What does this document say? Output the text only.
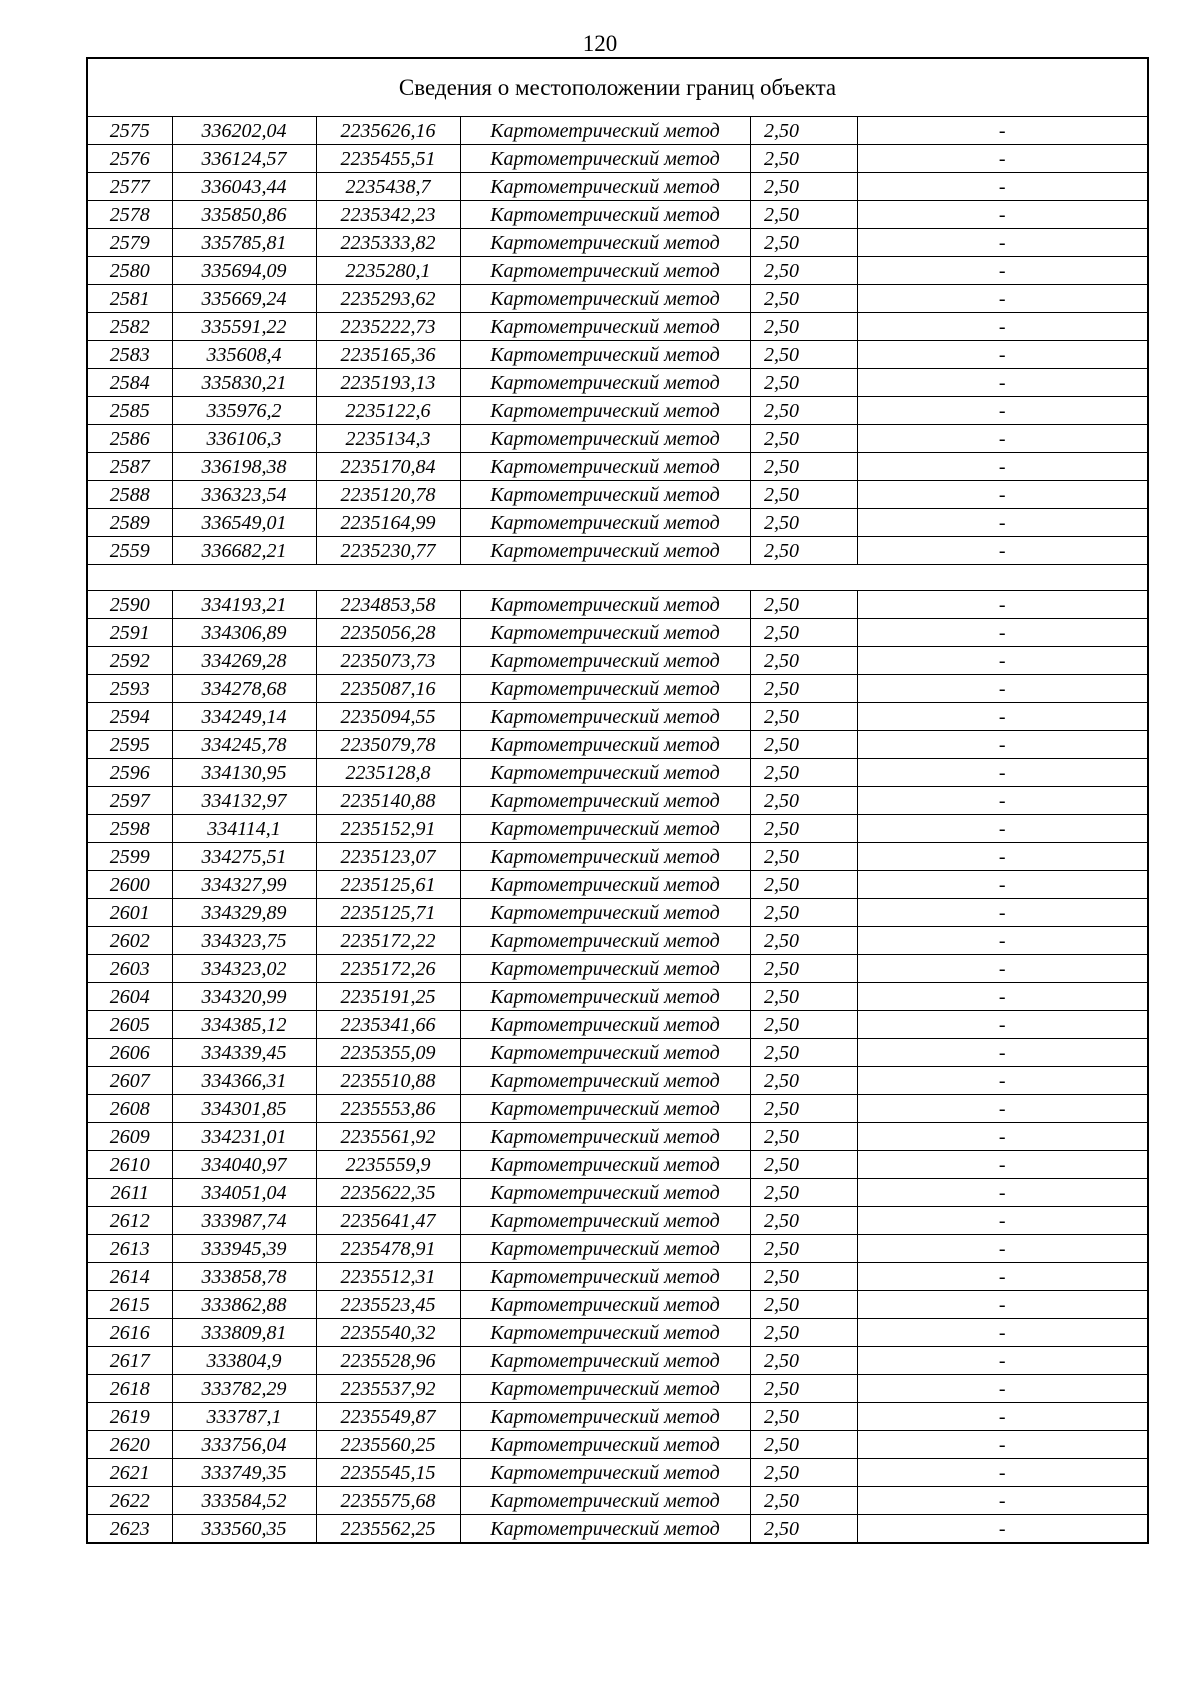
120
Сведения о местоположении границ объекта					
2575	336202,04	2235626,16	Картометрический метод	2,50	-
2576	336124,57	2235455,51	Картометрический метод	2,50	-
2577	336043,44	2235438,7	Картометрический метод	2,50	-
2578	335850,86	2235342,23	Картометрический метод	2,50	-
2579	335785,81	2235333,82	Картометрический метод	2,50	-
2580	335694,09	2235280,1	Картометрический метод	2,50	-
2581	335669,24	2235293,62	Картометрический метод	2,50	-
2582	335591,22	2235222,73	Картометрический метод	2,50	-
2583	335608,4	2235165,36	Картометрический метод	2,50	-
2584	335830,21	2235193,13	Картометрический метод	2,50	-
2585	335976,2	2235122,6	Картометрический метод	2,50	-
2586	336106,3	2235134,3	Картометрический метод	2,50	-
2587	336198,38	2235170,84	Картометрический метод	2,50	-
2588	336323,54	2235120,78	Картометрический метод	2,50	-
2589	336549,01	2235164,99	Картометрический метод	2,50	-
2559	336682,21	2235230,77	Картометрический метод	2,50	-

2590	334193,21	2234853,58	Картометрический метод	2,50	-
2591	334306,89	2235056,28	Картометрический метод	2,50	-
2592	334269,28	2235073,73	Картометрический метод	2,50	-
2593	334278,68	2235087,16	Картометрический метод	2,50	-
2594	334249,14	2235094,55	Картометрический метод	2,50	-
2595	334245,78	2235079,78	Картометрический метод	2,50	-
2596	334130,95	2235128,8	Картометрический метод	2,50	-
2597	334132,97	2235140,88	Картометрический метод	2,50	-
2598	334114,1	2235152,91	Картометрический метод	2,50	-
2599	334275,51	2235123,07	Картометрический метод	2,50	-
2600	334327,99	2235125,61	Картометрический метод	2,50	-
2601	334329,89	2235125,71	Картометрический метод	2,50	-
2602	334323,75	2235172,22	Картометрический метод	2,50	-
2603	334323,02	2235172,26	Картометрический метод	2,50	-
2604	334320,99	2235191,25	Картометрический метод	2,50	-
2605	334385,12	2235341,66	Картометрический метод	2,50	-
2606	334339,45	2235355,09	Картометрический метод	2,50	-
2607	334366,31	2235510,88	Картометрический метод	2,50	-
2608	334301,85	2235553,86	Картометрический метод	2,50	-
2609	334231,01	2235561,92	Картометрический метод	2,50	-
2610	334040,97	2235559,9	Картометрический метод	2,50	-
2611	334051,04	2235622,35	Картометрический метод	2,50	-
2612	333987,74	2235641,47	Картометрический метод	2,50	-
2613	333945,39	2235478,91	Картометрический метод	2,50	-
2614	333858,78	2235512,31	Картометрический метод	2,50	-
2615	333862,88	2235523,45	Картометрический метод	2,50	-
2616	333809,81	2235540,32	Картометрический метод	2,50	-
2617	333804,9	2235528,96	Картометрический метод	2,50	-
2618	333782,29	2235537,92	Картометрический метод	2,50	-
2619	333787,1	2235549,87	Картометрический метод	2,50	-
2620	333756,04	2235560,25	Картометрический метод	2,50	-
2621	333749,35	2235545,15	Картометрический метод	2,50	-
2622	333584,52	2235575,68	Картометрический метод	2,50	-
2623	333560,35	2235562,25	Картометрический метод	2,50	-
